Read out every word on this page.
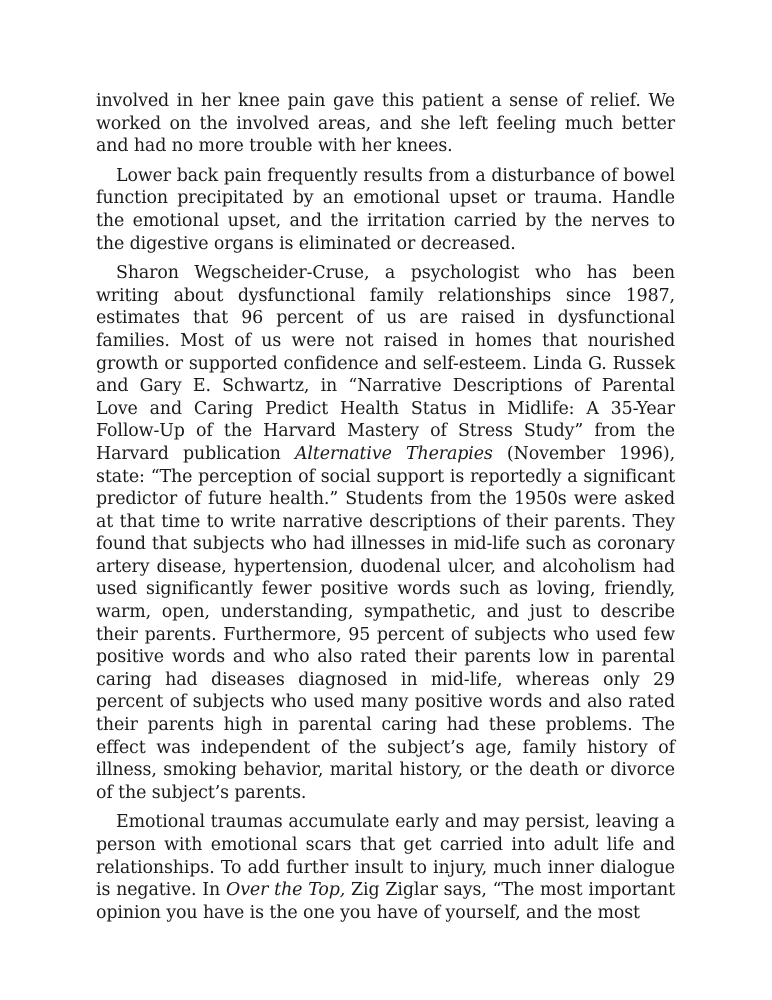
involved in her knee pain gave this patient a sense of relief. We worked on the involved areas, and she left feeling much better and had no more trouble with her knees.

Lower back pain frequently results from a disturbance of bowel function precipitated by an emotional upset or trauma. Handle the emotional upset, and the irritation carried by the nerves to the digestive organs is eliminated or decreased.

Sharon Wegscheider-Cruse, a psychologist who has been writing about dysfunctional family relationships since 1987, estimates that 96 percent of us are raised in dysfunctional families. Most of us were not raised in homes that nourished growth or supported confidence and self-esteem. Linda G. Russek and Gary E. Schwartz, in “Narrative Descriptions of Parental Love and Caring Predict Health Status in Midlife: A 35-Year Follow-Up of the Harvard Mastery of Stress Study” from the Harvard publication Alternative Therapies (November 1996), state: “The perception of social support is reportedly a significant predictor of future health.” Students from the 1950s were asked at that time to write narrative descriptions of their parents. They found that subjects who had illnesses in mid-life such as coronary artery disease, hypertension, duodenal ulcer, and alcoholism had used significantly fewer positive words such as loving, friendly, warm, open, understanding, sympathetic, and just to describe their parents. Furthermore, 95 percent of subjects who used few positive words and who also rated their parents low in parental caring had diseases diagnosed in mid-life, whereas only 29 percent of subjects who used many positive words and also rated their parents high in parental caring had these problems. The effect was independent of the subject’s age, family history of illness, smoking behavior, marital history, or the death or divorce of the subject’s parents.

Emotional traumas accumulate early and may persist, leaving a person with emotional scars that get carried into adult life and relationships. To add further insult to injury, much inner dialogue is negative. In Over the Top, Zig Ziglar says, “The most important opinion you have is the one you have of yourself, and the most
